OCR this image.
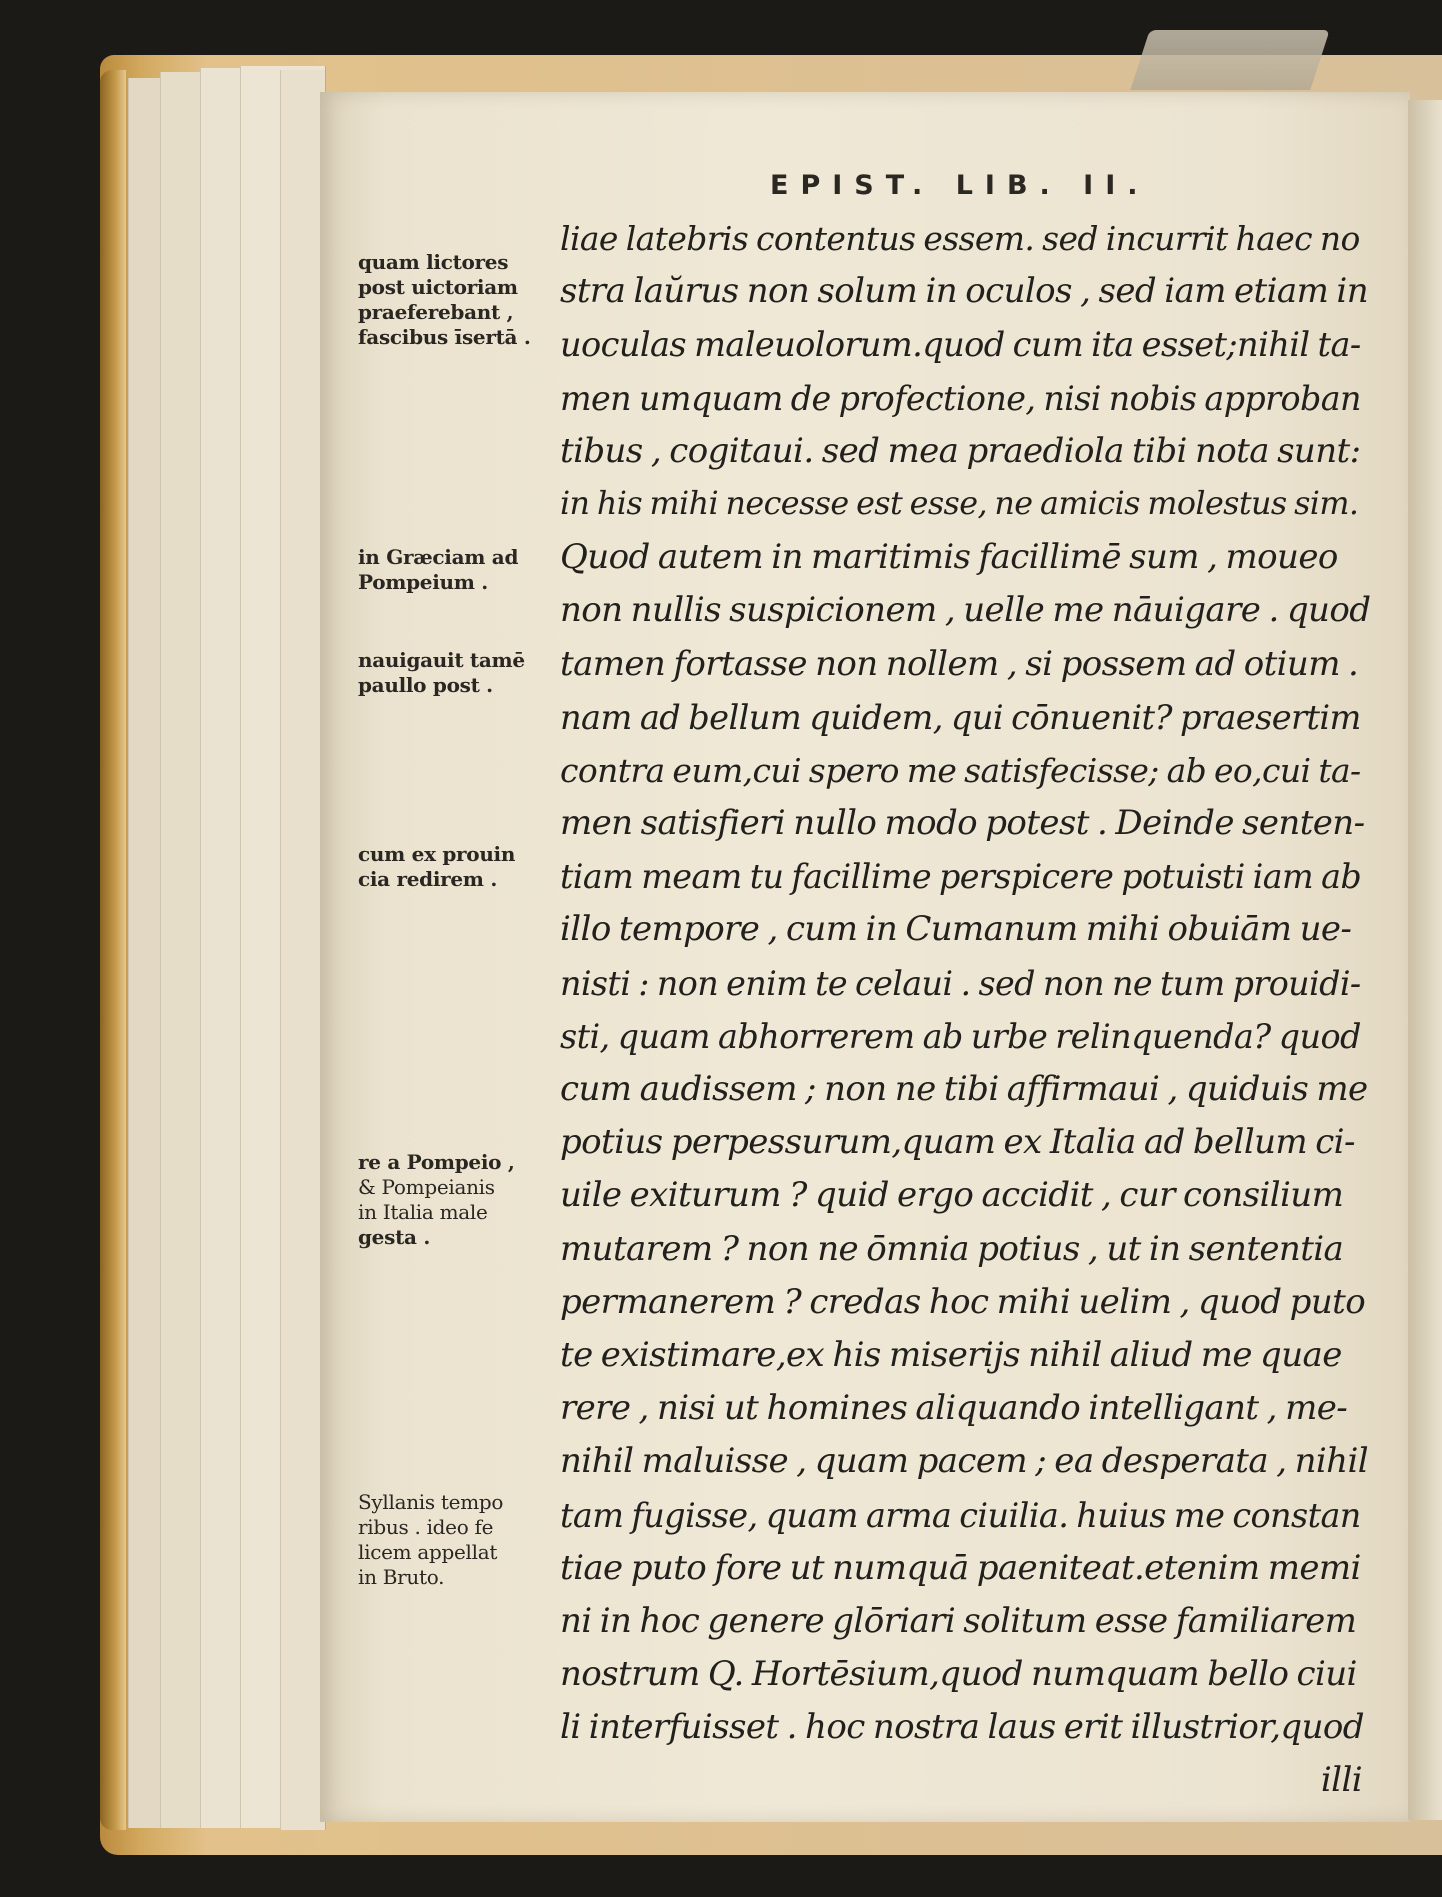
EPIST. LIB. II.
quam lictores
post uictoriam
praeferebant ,
fascibus īsertā .
in Græciam ad
Pompeium .
nauigauit tamē
paullo post .
cum ex prouin
cia redirem .
re a Pompeio ,
& Pompeianis
in Italia male
gesta .
Syllanis tempo
ribus . ideo fe
licem appellat
in Bruto.
liae latebris contentus essem. sed incurrit haec no
stra laŭrus non solum in oculos , sed iam etiam in
uoculas maleuolorum.quod cum ita esset;nihil ta-
men umquam de profectione, nisi nobis approban
tibus , cogitaui. sed mea praediola tibi nota sunt:
in his mihi necesse est esse, ne amicis molestus sim.
Quod autem in maritimis facillimē sum , moueo
non nullis suspicionem , uelle me nāuigare . quod
tamen fortasse non nollem , si possem ad otium .
nam ad bellum quidem, qui cōnuenit? praesertim
contra eum,cui spero me satisfecisse; ab eo,cui ta-
men satisfieri nullo modo potest . Deinde senten-
tiam meam tu facillime perspicere potuisti iam ab
illo tempore , cum in Cumanum mihi obuiām ue-
nisti : non enim te celaui . sed non ne tum prouidi-
sti, quam abhorrerem ab urbe relinquenda? quod
cum audissem ; non ne tibi affirmaui , quiduis me
potius perpessurum,quam ex Italia ad bellum ci-
uile exiturum ? quid ergo accidit , cur consilium
mutarem ? non ne ōmnia potius , ut in sententia
permanerem ? credas hoc mihi uelim , quod puto
te existimare,ex his miserijs nihil aliud me quae
rere , nisi ut homines aliquando intelligant , me-
nihil maluisse , quam pacem ; ea desperata , nihil
tam fugisse, quam arma ciuilia. huius me constan
tiae puto fore ut numquā paeniteat.etenim memi
ni in hoc genere glōriari solitum esse familiarem
nostrum Q. Hortēsium,quod numquam bello ciui
li interfuisset . hoc nostra laus erit illustrior,quod
illi
